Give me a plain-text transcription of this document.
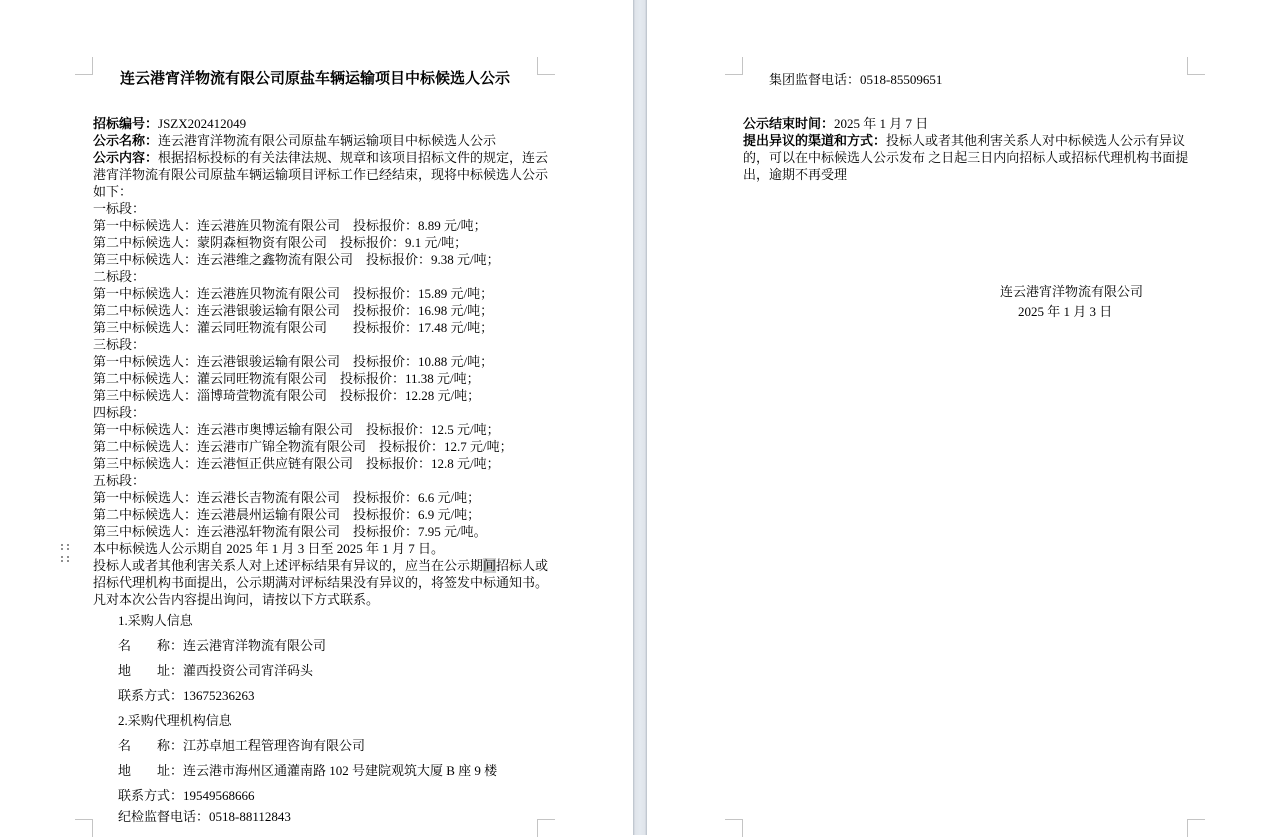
连云港宵洋物流有限公司原盐车辆运输项目中标候选人公示
招标编号：JSZX202412049
公示名称：连云港宵洋物流有限公司原盐车辆运输项目中标候选人公示
公示内容：根据招标投标的有关法律法规、规章和该项目招标文件的规定，连云
港宵洋物流有限公司原盐车辆运输项目评标工作已经结束，现将中标候选人公示
如下：
一标段：
第一中标候选人：连云港旌贝物流有限公司　投标报价：8.89 元/吨；
第二中标候选人：蒙阴森桓物资有限公司　投标报价：9.1 元/吨；
第三中标候选人：连云港维之鑫物流有限公司　投标报价：9.38 元/吨；
二标段：
第一中标候选人：连云港旌贝物流有限公司　投标报价：15.89 元/吨；
第二中标候选人：连云港银骏运输有限公司　投标报价：16.98 元/吨；
第三中标候选人：灌云同旺物流有限公司　　投标报价：17.48 元/吨；
三标段：
第一中标候选人：连云港银骏运输有限公司　投标报价：10.88 元/吨；
第二中标候选人：灌云同旺物流有限公司　投标报价：11.38 元/吨；
第三中标候选人：淄博琦萱物流有限公司　投标报价：12.28 元/吨；
四标段：
第一中标候选人：连云港市奥博运输有限公司　投标报价：12.5 元/吨；
第二中标候选人：连云港市广锦全物流有限公司　投标报价：12.7 元/吨；
第三中标候选人：连云港恒正供应链有限公司　投标报价：12.8 元/吨；
五标段：
第一中标候选人：连云港长吉物流有限公司　投标报价：6.6 元/吨；
第二中标候选人：连云港晨州运输有限公司　投标报价：6.9 元/吨；
第三中标候选人：连云港泓轩物流有限公司　投标报价：7.95 元/吨。
本中标候选人公示期自 2025 年 1 月 3 日至 2025 年 1 月 7 日。
投标人或者其他利害关系人对上述评标结果有异议的，应当在公示期间招标人或
招标代理机构书面提出，公示期满对评标结果没有异议的，将签发中标通知书。
凡对本次公告内容提出询问，请按以下方式联系。
1.采购人信息
名　　称：连云港宵洋物流有限公司
地　　址：灌西投资公司宵洋码头
联系方式：13675236263
2.采购代理机构信息
名　　称：江苏卓旭工程管理咨询有限公司
地　　址：连云港市海州区通灌南路 102 号建院观筑大厦 B 座 9 楼
联系方式：19549568666
纪检监督电话：0518-88112843
集团监督电话：0518-85509651
公示结束时间：2025 年 1 月 7 日
提出异议的渠道和方式：投标人或者其他利害关系人对中标候选人公示有异议
的，可以在中标候选人公示发布 之日起三日内向招标人或招标代理机构书面提
出，逾期不再受理
连云港宵洋物流有限公司
2025 年 1 月 3 日
